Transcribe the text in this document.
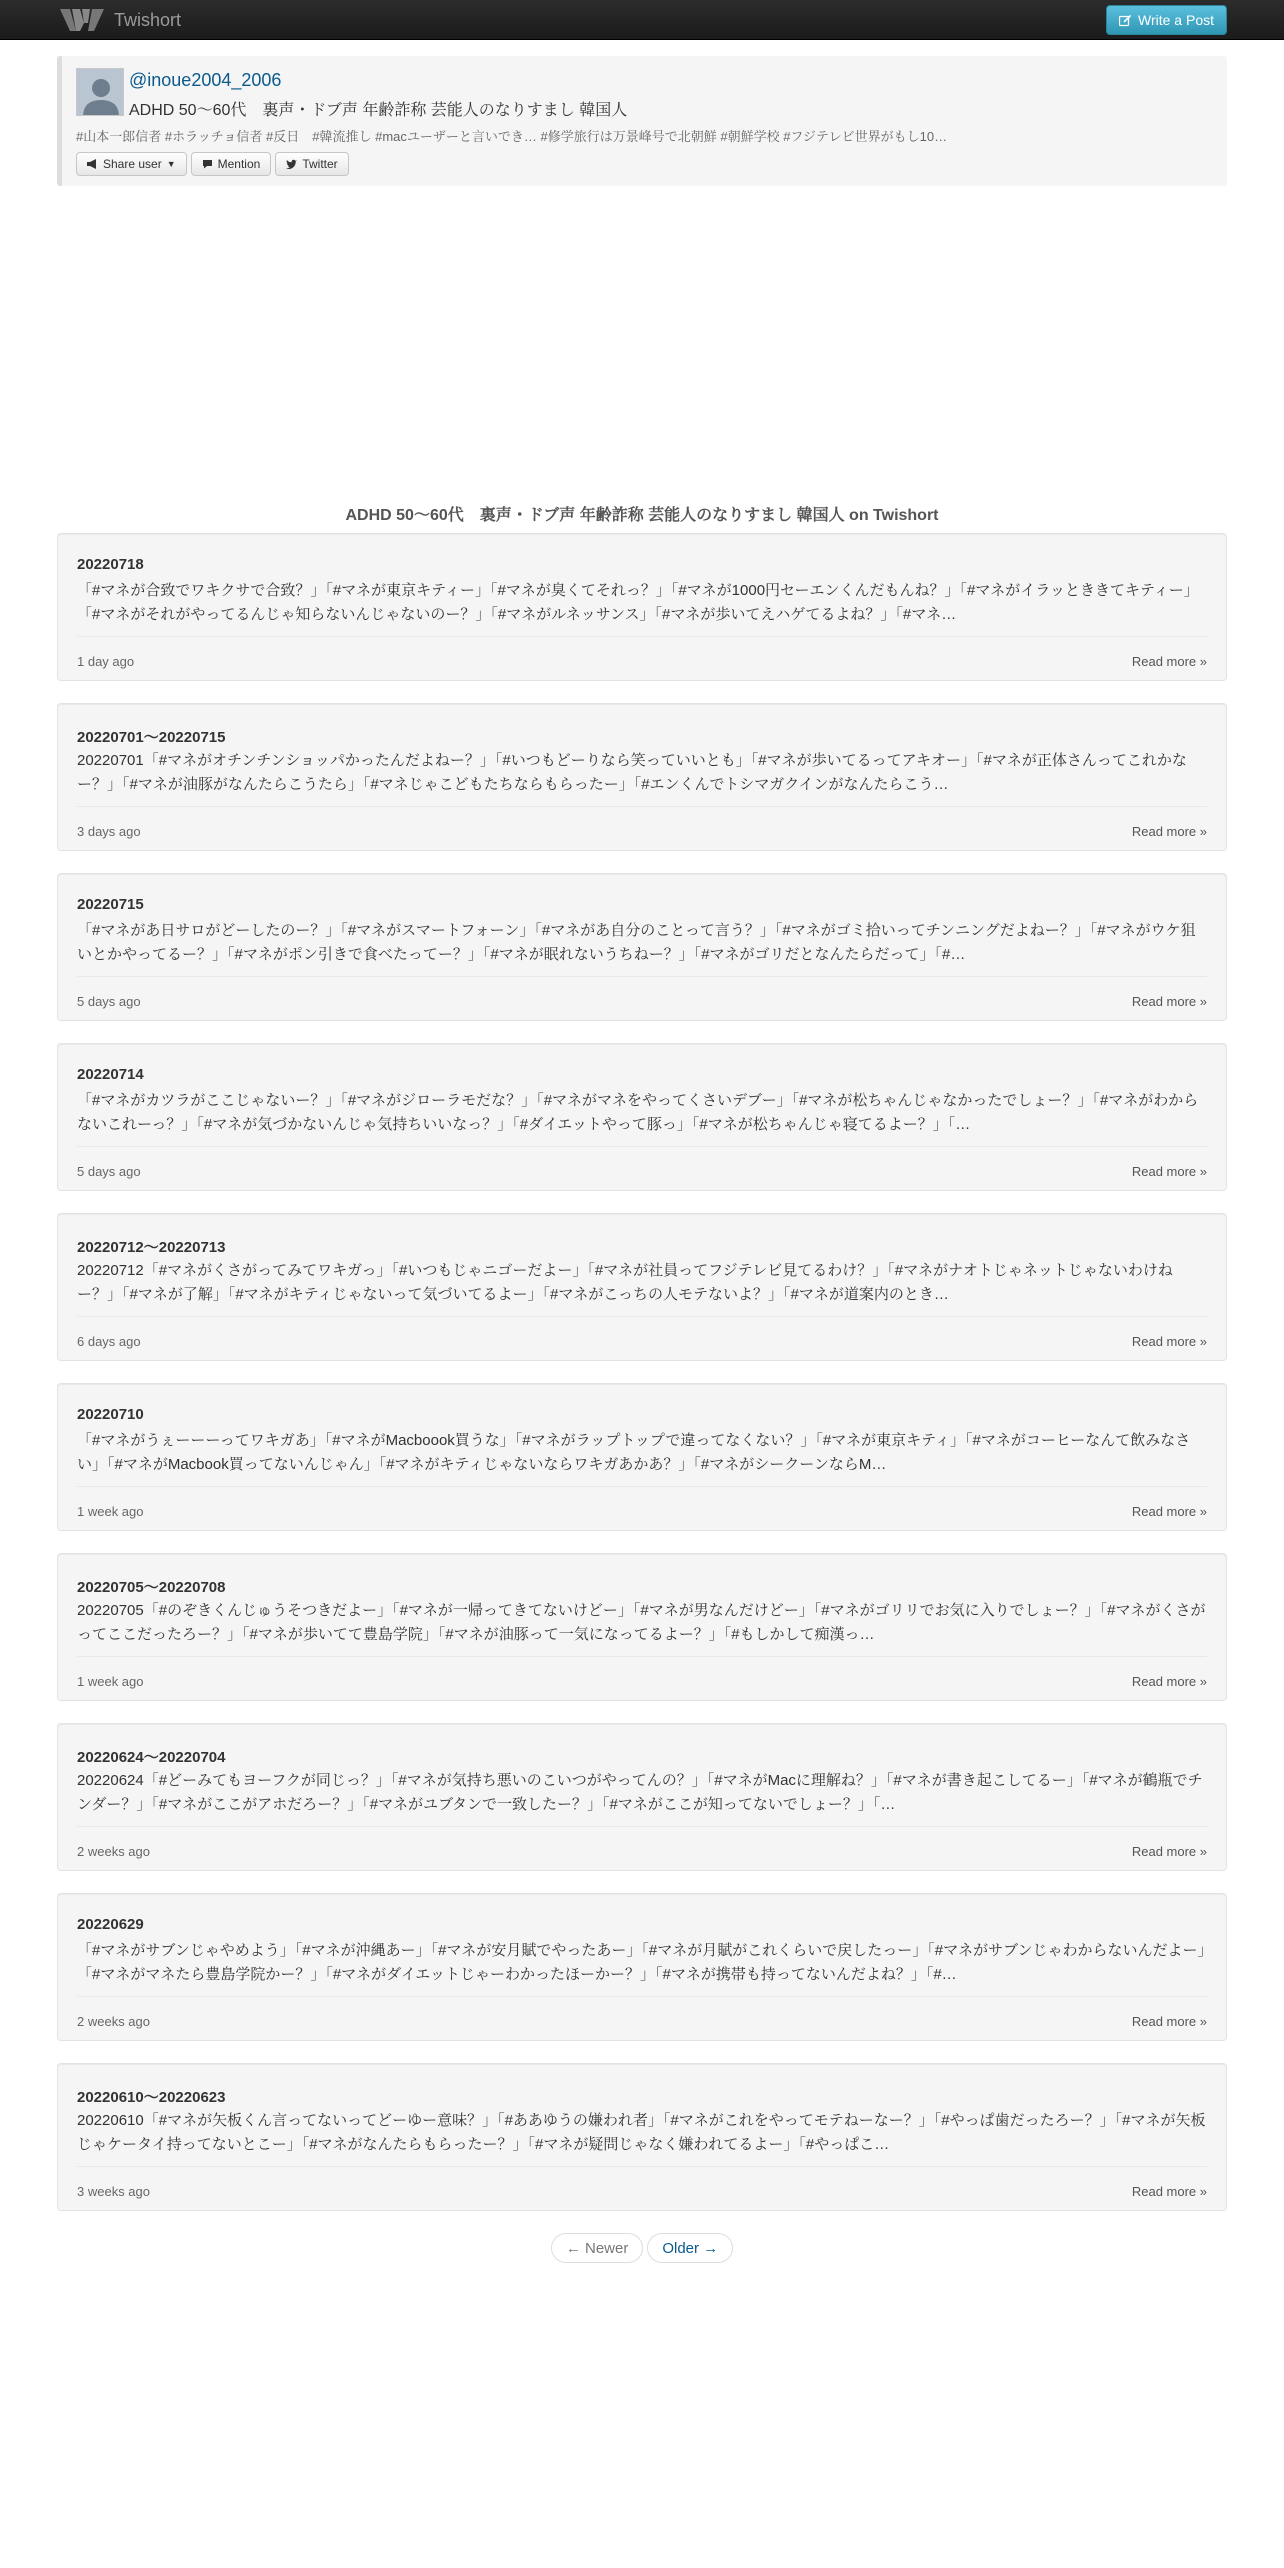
Twishort	Write a Post
@inoue2004_2006
ADHD 50～60代　裏声・ドブ声 年齢詐称 芸能人のなりすまし 韓国人
#山本一郎信者 #ホラッチョ信者 #反日　#韓流推し #macユーザーと言いでき… #修学旅行は万景峰号で北朝鮮 #朝鮮学校 #フジテレビ世界がもし10…
Share user ▼	Mention	Twitter
ADHD 50～60代　裏声・ドブ声 年齢詐称 芸能人のなりすまし 韓国人 on Twishort
20220718
「#マネが合致でワキクサで合致？」「#マネが東京キティー」「#マネが臭くてそれっ？」「#マネが1000円セーエンくんだもんね？」「#マネがイラッとききてキティー」「#マネがそれがやってるんじゃ知らないんじゃないのー？」「#マネがルネッサンス」「#マネが歩いてえハゲてるよね？」「#マネ…
1 day ago	Read more »
20220701～20220715
20220701「#マネがオチンチンショッパかったんだよねー？」「#いつもどーりなら笑っていいとも」「#マネが歩いてるってアキオー」「#マネが正体さんってこれかなー？」「#マネが油豚がなんたらこうたら」「#マネじゃこどもたちならもらったー」「#エンくんでトシマガクインがなんたらこう…
3 days ago	Read more »
20220715
「#マネがあ日サロがどーしたのー？」「#マネがスマートフォーン」「#マネがあ自分のことって言う？」「#マネがゴミ拾いってチンニングだよねー？」「#マネがウケ狙いとかやってるー？」「#マネがポン引きで食べたってー？」「#マネが眠れないうちねー？」「#マネがゴリだとなんたらだって」「#…
5 days ago	Read more »
20220714
「#マネがカツラがここじゃないー？」「#マネがジローラモだな？」「#マネがマネをやってくさいデブー」「#マネが松ちゃんじゃなかったでしょー？」「#マネがわからないこれーっ？」「#マネが気づかないんじゃ気持ちいいなっ？」「#ダイエットやって豚っ」「#マネが松ちゃんじゃ寝てるよー？」「…
5 days ago	Read more »
20220712～20220713
20220712「#マネがくさがってみてワキガっ」「#いつもじゃニゴーだよー」「#マネが社員ってフジテレビ見てるわけ？」「#マネがナオトじゃネットじゃないわけねー？」「#マネが了解」「#マネがキティじゃないって気づいてるよー」「#マネがこっちの人モテないよ？」「#マネが道案内のとき…
6 days ago	Read more »
20220710
「#マネがうぇーーーってワキガあ」「#マネがMacboook買うな」「#マネがラップトップで違ってなくない？」「#マネが東京キティ」「#マネがコーヒーなんて飲みなさい」「#マネがMacbook買ってないんじゃん」「#マネがキティじゃないならワキガあかあ？」「#マネがシークーンならM…
1 week ago	Read more »
20220705～20220708
20220705「#のぞきくんじゅうそつきだよー」「#マネが一帰ってきてないけどー」「#マネが男なんだけどー」「#マネがゴリリでお気に入りでしょー？」「#マネがくさがってここだったろー？」「#マネが歩いてて豊島学院」「#マネが油豚って一気になってるよー？」「#もしかして痴漢っ…
1 week ago	Read more »
20220624～20220704
20220624「#どーみてもヨーフクが同じっ？」「#マネが気持ち悪いのこいつがやってんの？」「#マネがMacに理解ね？」「#マネが書き起こしてるー」「#マネが鶴瓶でチンダー？」「#マネがここがアホだろー？」「#マネがユブタンで一致したー？」「#マネがここが知ってないでしょー？」「…
2 weeks ago	Read more »
20220629
「#マネがサブンじゃやめよう」「#マネが沖縄あー」「#マネが安月賦でやったあー」「#マネが月賦がこれくらいで戻したっー」「#マネがサブンじゃわからないんだよー」「#マネがマネたら豊島学院かー？」「#マネがダイエットじゃーわかったほーかー？」「#マネが携帯も持ってないんだよね？」「#…
2 weeks ago	Read more »
20220610～20220623
20220610「#マネが矢板くん言ってないってどーゆー意味？」「#ああゆうの嫌われ者」「#マネがこれをやってモテねーなー？」「#やっぱ歯だったろー？」「#マネが矢板じゃケータイ持ってないとこー」「#マネがなんたらもらったー？」「#マネが疑問じゃなく嫌われてるよー」「#やっぱこ…
3 weeks ago	Read more »
← Newer	Older →
